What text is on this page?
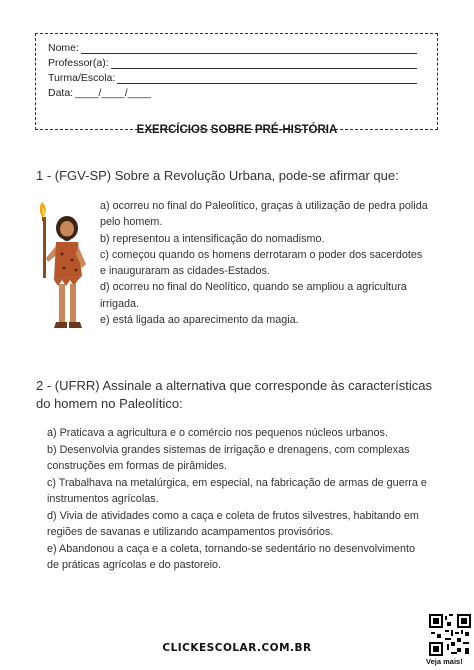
Nome:
Professor(a):
Turma/Escola:
Data: ____/____/____
EXERCÍCIOS SOBRE PRÉ-HISTÓRIA
1 - (FGV-SP) Sobre a Revolução Urbana, pode-se afirmar que:
a) ocorreu no final do Paleolítico, graças à utilização de pedra polida pelo homem.
b) representou a intensificação do nomadismo.
c) começou quando os homens derrotaram o poder dos sacerdotes e inauguraram as cidades-Estados.
d) ocorreu no final do Neolítico, quando se ampliou a agricultura irrigada.
e) está ligada ao aparecimento da magia.
2 - (UFRR) Assinale a alternativa que corresponde às características do homem no Paleolítico:
a) Praticava a agricultura e o comércio nos pequenos núcleos urbanos.
b) Desenvolvia grandes sistemas de irrigação e drenagens, com complexas construções em formas de pirâmides.
c) Trabalhava na metalúrgica, em especial, na fabricação de armas de guerra e instrumentos agrícolas.
d) Vivia de atividades como a caça e coleta de frutos silvestres, habitando em regiões de savanas e utilizando acampamentos provisórios.
e) Abandonou a caça e a coleta, tornando-se sedentário no desenvolvimento de práticas agrícolas e do pastoreio.
CLICKESCOLAR.COM.BR
Veja mais!
